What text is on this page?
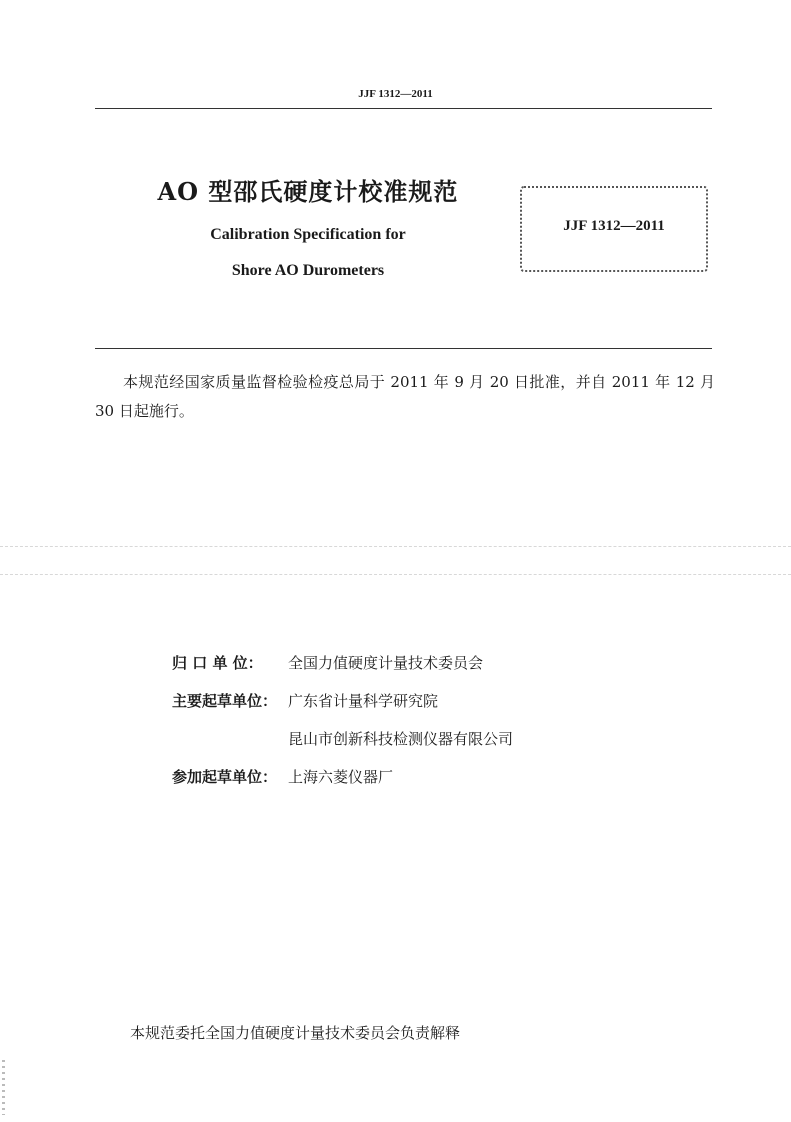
JJF 1312—2011
AO 型邵氏硬度计校准规范
Calibration Specification for
Shore AO Durometers
JJF 1312—2011
本规范经国家质量监督检验检疫总局于 2011 年 9 月 20 日批准，并自 2011 年 12 月 30 日起施行。
归 口 单 位： 全国力值硬度计量技术委员会
主要起草单位： 广东省计量科学研究院
昆山市创新科技检测仪器有限公司
参加起草单位： 上海六菱仪器厂
本规范委托全国力值硬度计量技术委员会负责解释
